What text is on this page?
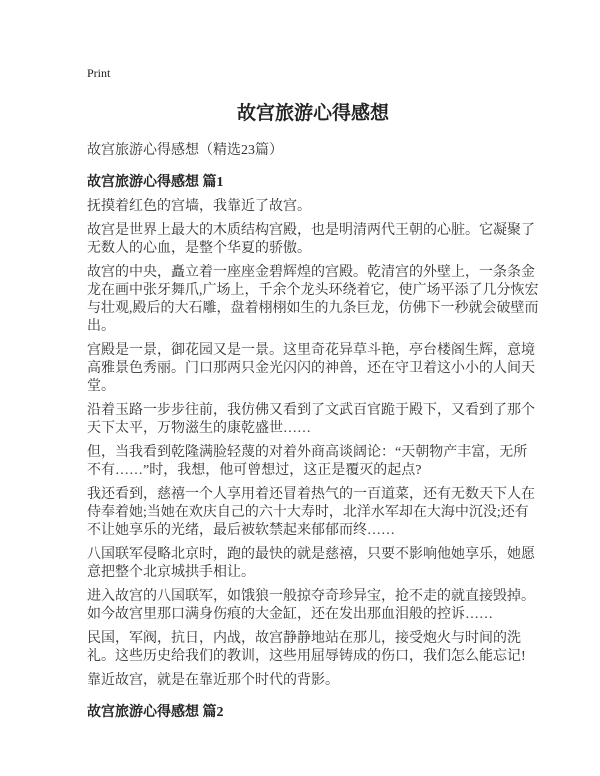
Print
故宫旅游心得感想

故宫旅游心得感想（精选23篇）

故宫旅游心得感想 篇1

抚摸着红色的宫墙，我靠近了故宫。

故宫是世界上最大的木质结构宫殿，也是明清两代王朝的心脏。它凝聚了无数人的心血，是整个华夏的骄傲。

故宫的中央，矗立着一座座金碧辉煌的宫殿。乾清宫的外壁上，一条条金龙在画中张牙舞爪,广场上，千余个龙头环绕着它，使广场平添了几分恢宏与壮观,殿后的大石雕，盘着栩栩如生的九条巨龙，仿佛下一秒就会破壁而出。

宫殿是一景，御花园又是一景。这里奇花异草斗艳，亭台楼阁生辉，意境高雅景色秀丽。门口那两只金光闪闪的神兽，还在守卫着这小小的人间天堂。

沿着玉路一步步往前，我仿佛又看到了文武百官跪于殿下，又看到了那个天下太平，万物滋生的康乾盛世……

但，当我看到乾隆满脸轻蔑的对着外商高谈阔论：“天朝物产丰富，无所不有……”时，我想，他可曾想过，这正是覆灭的起点?

我还看到，慈禧一个人享用着还冒着热气的一百道菜，还有无数天下人在侍奉着她;当她在欢庆自己的六十大寿时，北洋水军却在大海中沉没;还有不让她享乐的光绪，最后被软禁起来郁郁而终……

八国联军侵略北京时，跑的最快的就是慈禧，只要不影响他她享乐，她愿意把整个北京城拱手相让。

进入故宫的八国联军，如饿狼一般掠夺奇珍异宝，抢不走的就直接毁掉。如今故宫里那口满身伤痕的大金缸，还在发出那血泪般的控诉……

民国，军阀，抗日，内战，故宫静静地站在那儿，接受炮火与时间的洗礼。这些历史给我们的教训，这些用屈辱铸成的伤口，我们怎么能忘记!

靠近故宫，就是在靠近那个时代的背影。

故宫旅游心得感想 篇2
